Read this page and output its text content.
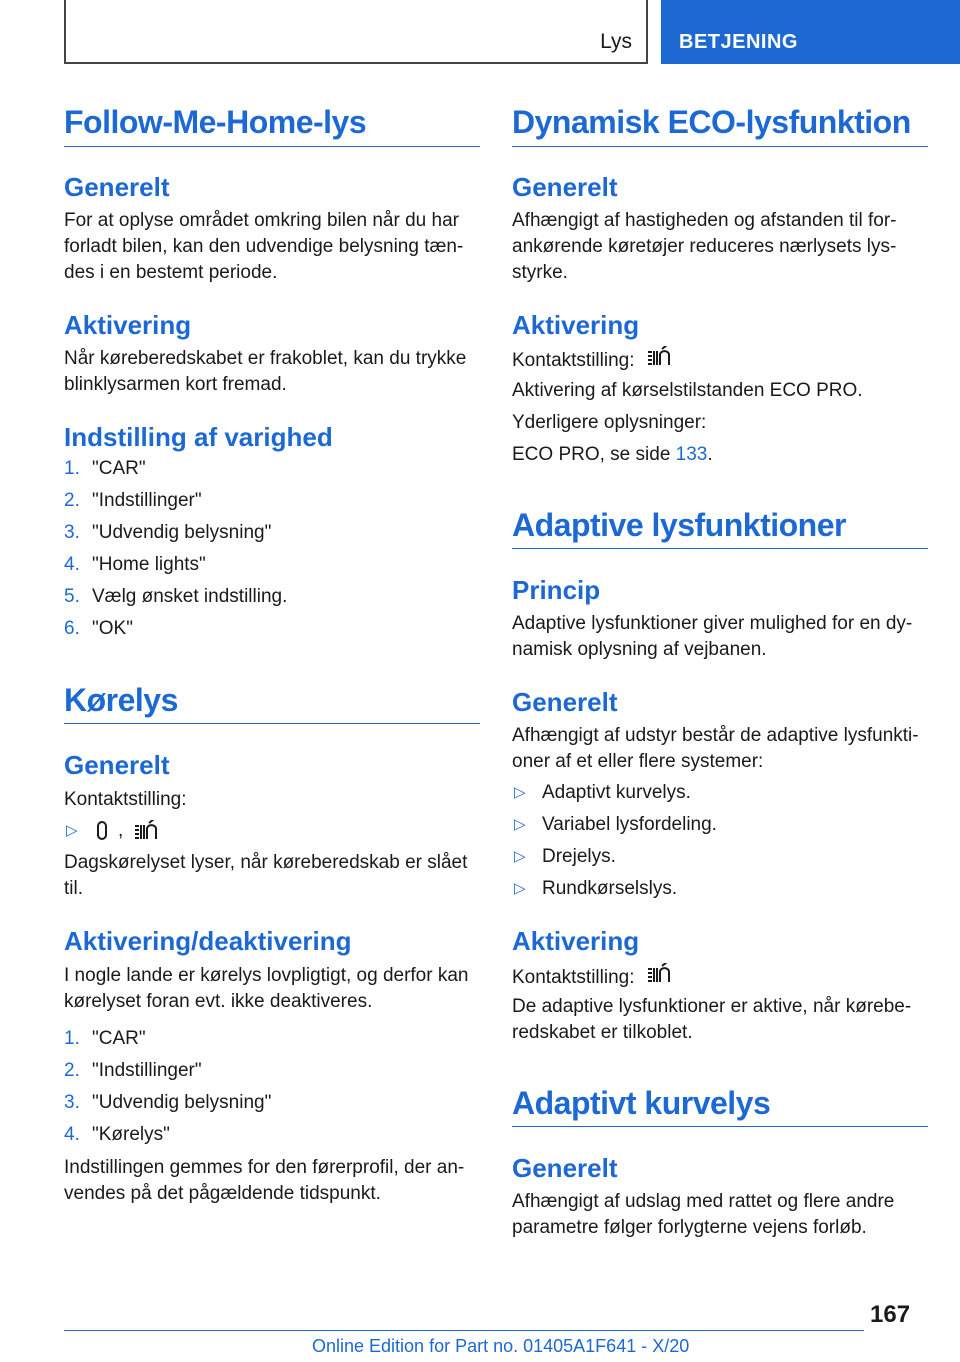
Lys BETJENING
Follow-Me-Home-lys
Generelt
For at oplyse området omkring bilen når du har
forladt bilen, kan den udvendige belysning tæn-
des i en bestemt periode.
Aktivering
Når køreberedskabet er frakoblet, kan du trykke
blinklysarmen kort fremad.
Indstilling af varighed
1. "CAR"
2. "Indstillinger"
3. "Udvendig belysning"
4. "Home lights"
5. Vælg ønsket indstilling.
6. "OK"
Kørelys
Generelt
Kontaktstilling:
▷	,
Dagskørelyset lyser, når køreberedskab er slået
til.
Aktivering/deaktivering
I nogle lande er kørelys lovpligtigt, og derfor kan
kørelyset foran evt. ikke deaktiveres.
1. "CAR"
2. "Indstillinger"
3. "Udvendig belysning"
4. "Kørelys"
Indstillingen gemmes for den førerprofil, der an-
vendes på det pågældende tidspunkt.
Dynamisk ECO-lysfunktion
Generelt
Afhængigt af hastigheden og afstanden til for-
ankørende køretøjer reduceres nærlysets lys-
styrke.
Aktivering
Kontaktstilling:
Aktivering af kørselstilstanden ECO PRO.
Yderligere oplysninger:
ECO PRO, se side 133.
Adaptive lysfunktioner
Princip
Adaptive lysfunktioner giver mulighed for en dy-
namisk oplysning af vejbanen.
Generelt
Afhængigt af udstyr består de adaptive lysfunkti-
oner af et eller flere systemer:
▷ Adaptivt kurvelys.
▷ Variabel lysfordeling.
▷ Drejelys.
▷ Rundkørselslys.
Aktivering
Kontaktstilling:
De adaptive lysfunktioner er aktive, når kørebe-
redskabet er tilkoblet.
Adaptivt kurvelys
Generelt
Afhængigt af udslag med rattet og flere andre
parametre følger forlygterne vejens forløb.
167
Online Edition for Part no. 01405A1F641 - X/20
